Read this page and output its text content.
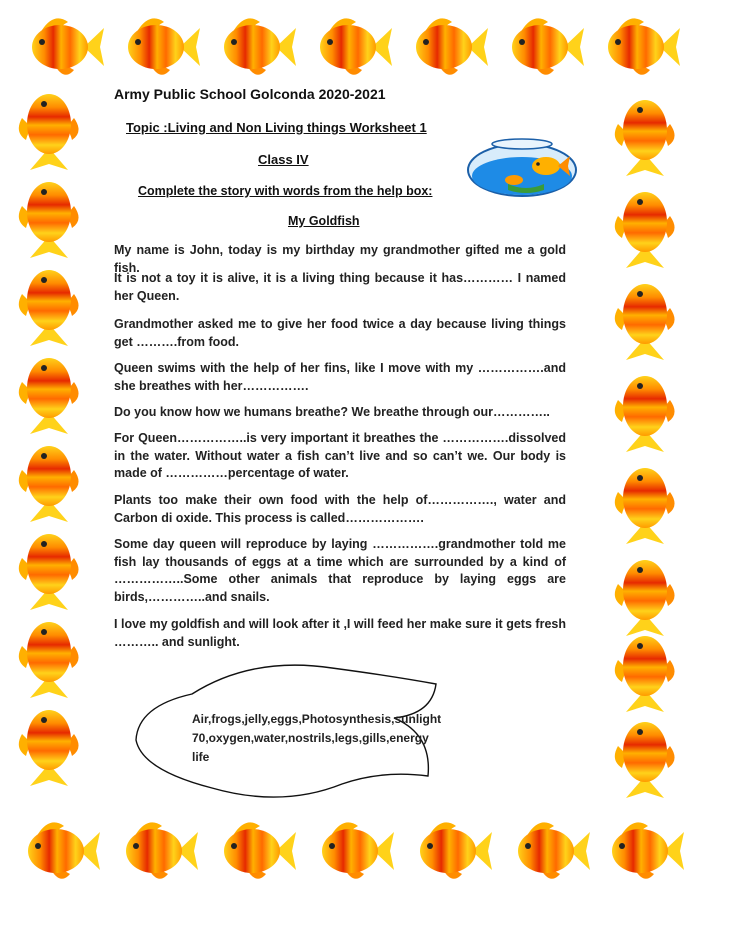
Army Public School Golconda 2020-2021
Topic :Living and Non Living things Worksheet 1
Class IV
Complete the story with words from the help box:
My Goldfish
My name is John, today is my birthday my grandmother gifted me a gold fish.
It is not a toy it is alive, it is a living thing because it has………… I named her Queen.
Grandmother asked me to give her food twice a day because living things get ……….from food.
Queen swims with the help of her fins, like I move with my …………….and she breathes with her…………….
Do you know how we humans breathe? We breathe through our…………..
For Queen……………..is very important it breathes the …………….dissolved in the water. Without water a fish can’t live and so can’t we. Our body is made of ……………percentage of water.
Plants too make their own food with the help of……………., water and Carbon di oxide. This process is called……………….
Some day queen will reproduce by laying …………….grandmother told me fish lay thousands of eggs at a time which are surrounded by a kind of ……………..Some other animals that reproduce by laying eggs are birds,…………..and snails.
I love my goldfish and will look after it ,I will feed her make sure it gets fresh ……….. and sunlight.
Air,frogs,jelly,eggs,Photosynthesis,sunlight
70,oxygen,water,nostrils,legs,gills,energy
life
